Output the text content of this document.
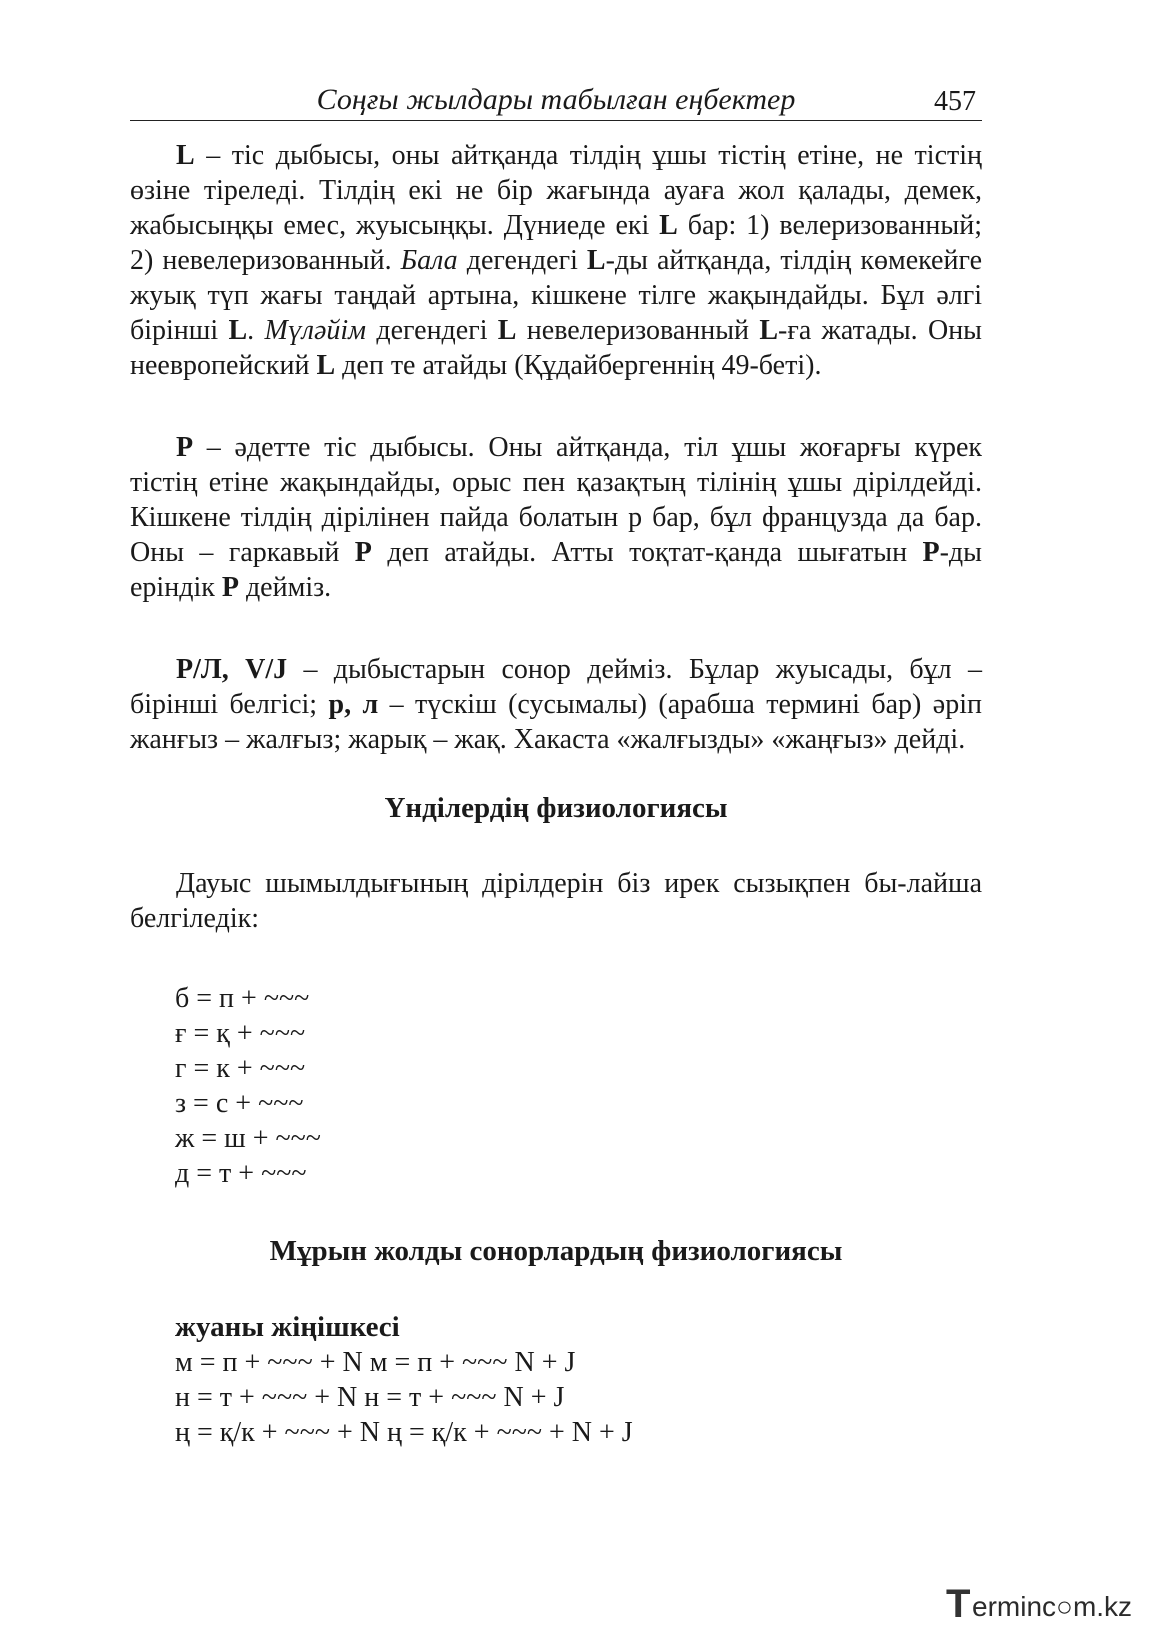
Соңғы жылдары табылған еңбектер	457

L – тіс дыбысы, оны айтқанда тілдің ұшы тістің етіне, не тістің өзіне тіреледі. Тілдің екі не бір жағында ауаға жол қалады, демек, жабысыңқы емес, жуысыңқы. Дүниеде екі L бар: 1) велеризованный; 2) невелеризованный. Бала дегендегі L-ды айтқанда, тілдің көмекейге жуық түп жағы таңдай артына, кішкене тілге жақындайды. Бұл әлгі бірінші L. Мүләйім дегендегі L невелеризованный L-ға жатады. Оны неевропейский L деп те атайды (Құдайбергеннің 49-беті).

Р – әдетте тіс дыбысы. Оны айтқанда, тіл ұшы жоғарғы күрек тістің етіне жақындайды, орыс пен қазақтың тілінің ұшы дірілдейді. Кішкене тілдің дірілінен пайда болатын р бар, бұл французда да бар. Оны – гаркавый Р деп атайды. Атты тоқтат-қанда шығатын Р-ды еріндік Р дейміз.

Р/Л, V/J – дыбыстарын сонор дейміз. Бұлар жуысады, бұл – бірінші белгісі; р, л – түскіш (сусымалы) (арабша термині бар) әріп жанғыз – жалғыз; жарық – жақ. Хакаста «жалғызды» «жаңғыз» дейді.

Үнділердің физиологиясы

Дауыс шымылдығының дірілдерін біз ирек сызықпен бы-лайша белгіледік:

б = п + ~~~
ғ = қ + ~~~
г = к + ~~~
з = с + ~~~
ж = ш + ~~~
д = т + ~~~
Мұрын жолды сонорлардың физиологиясы
жуаны жіңішкесі
м = п + ~~~ + N м = п + ~~~ N + J
н = т + ~~~ + N н = т + ~~~ N + J
ң = қ/к + ~~~ + N ң = қ/к + ~~~ + N + J
T erminc○m.kz
